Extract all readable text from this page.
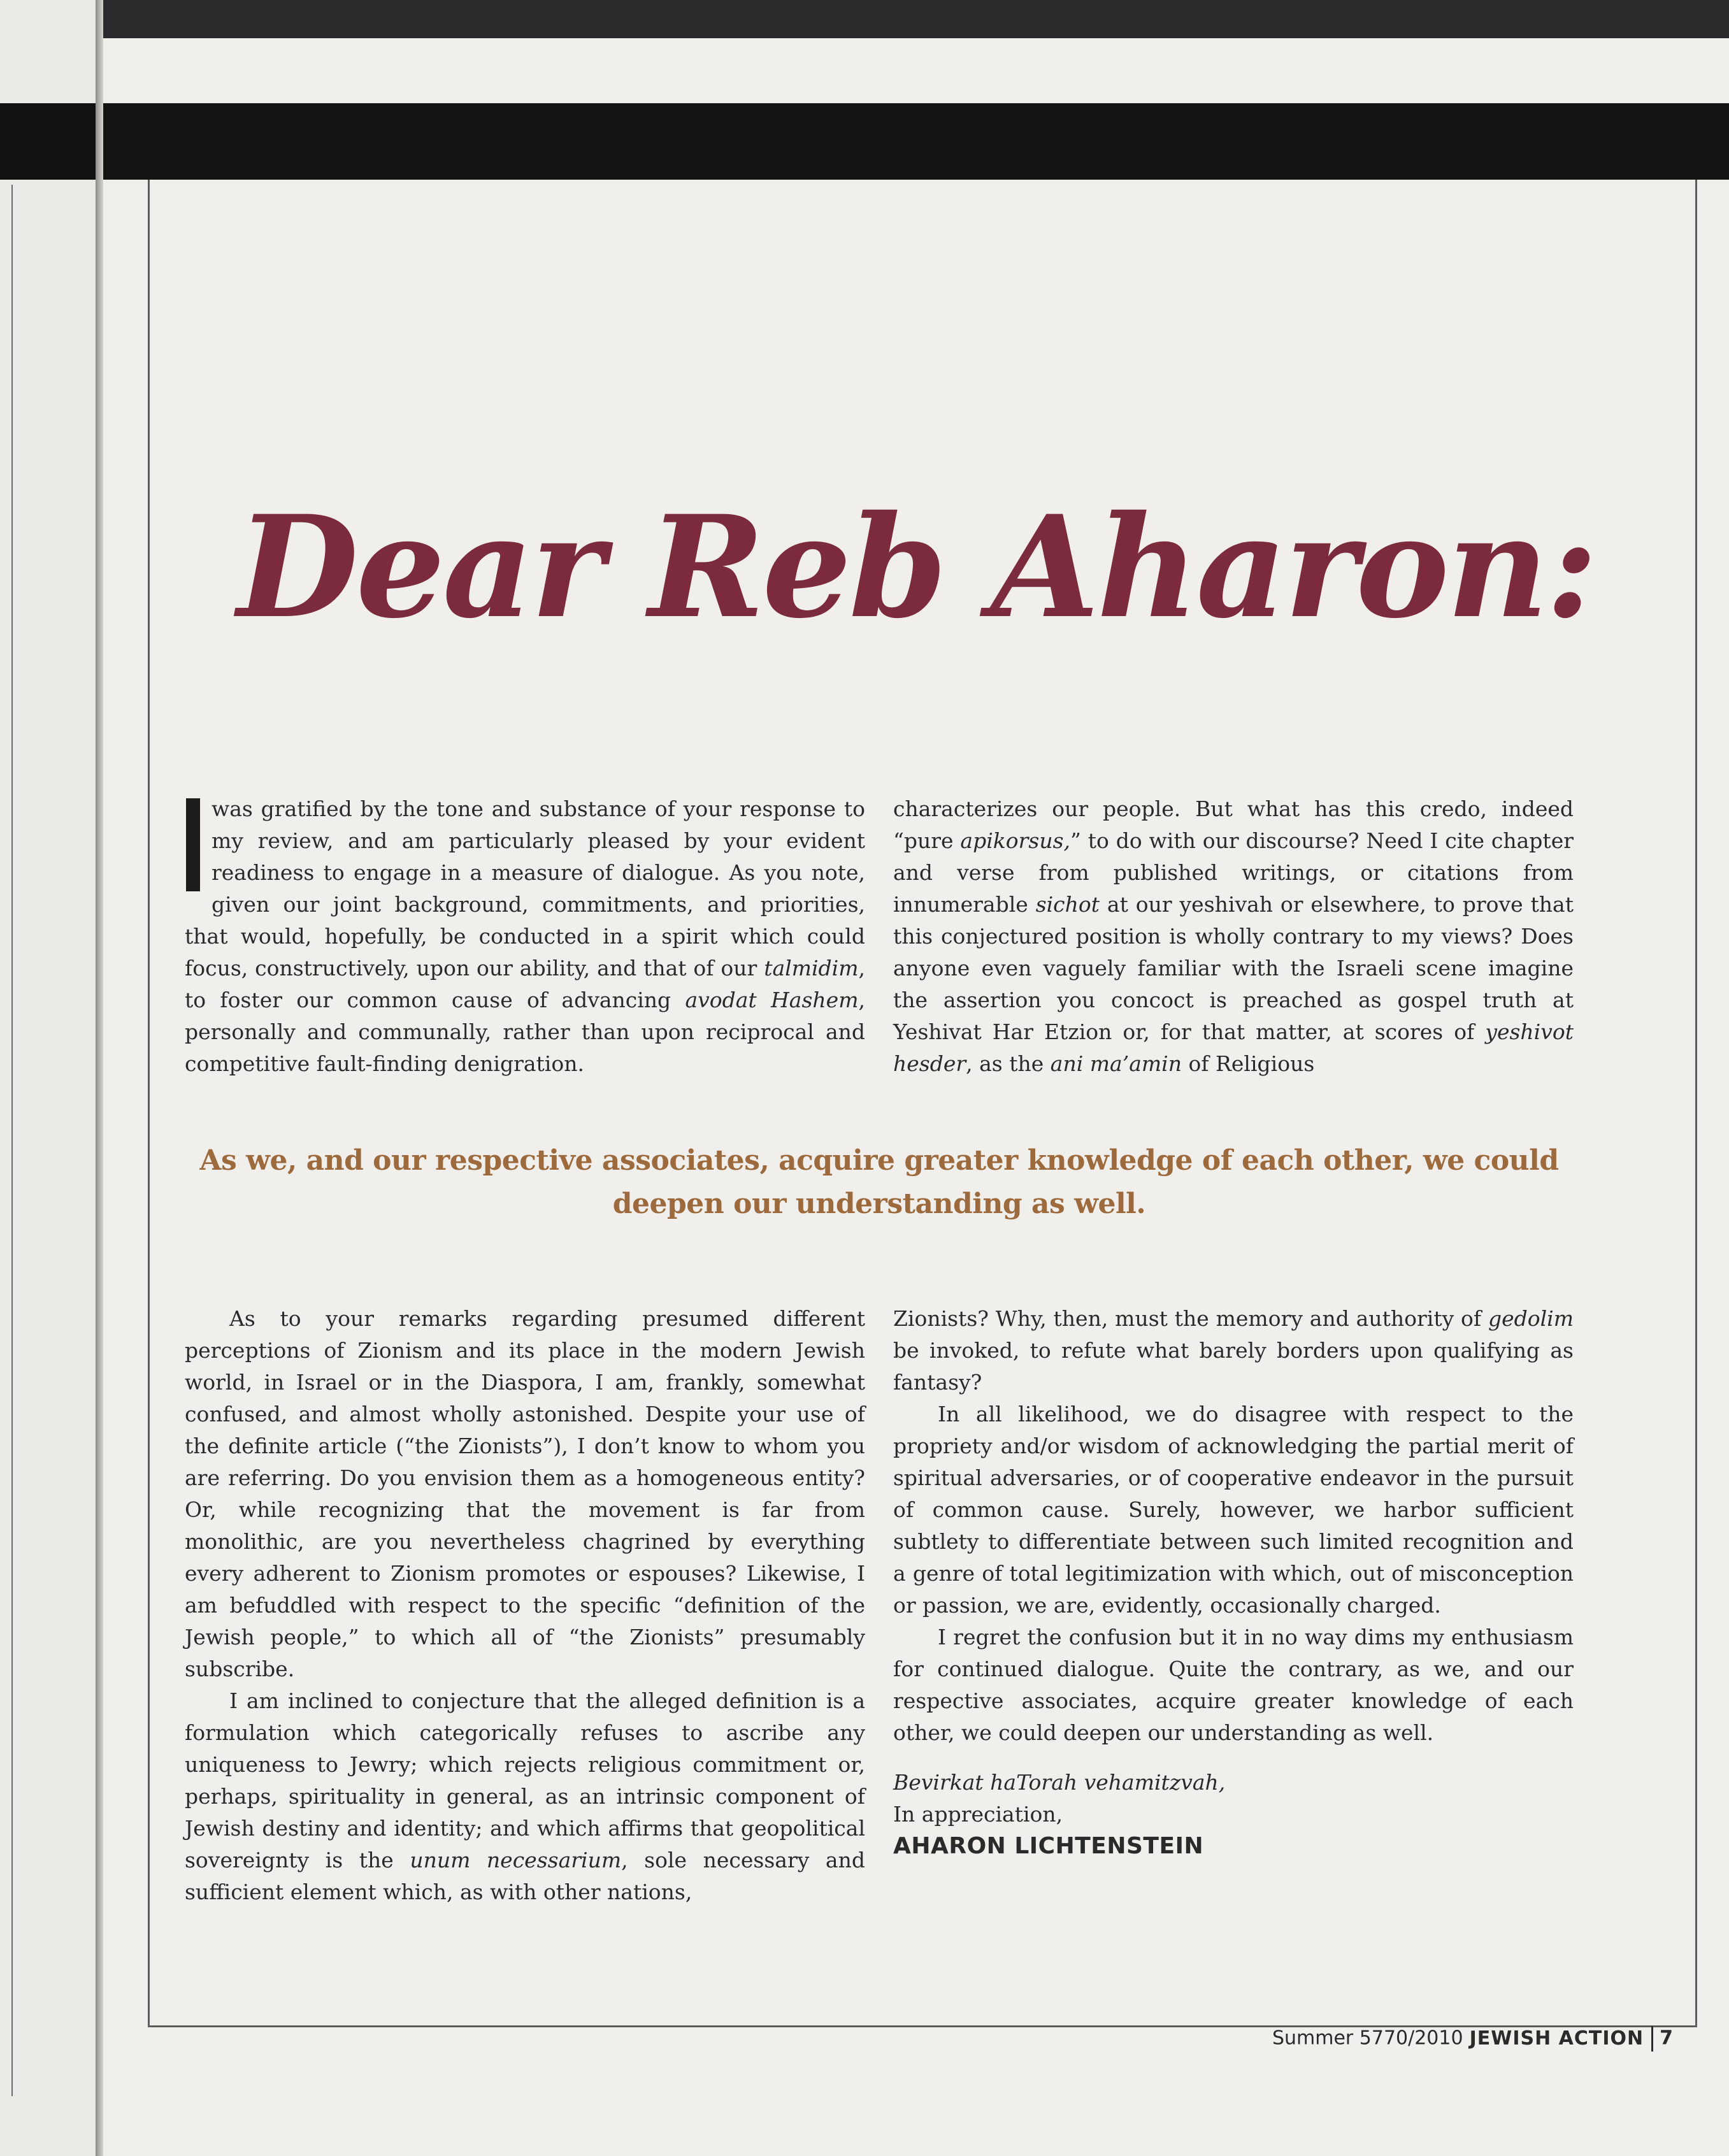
Dear Reb Aharon:

was gratified by the tone and substance of your response to my review, and am particularly pleased by your evident readiness to engage in a measure of dialogue. As you note, given our joint background, commitments, and priorities, that would, hopefully, be conducted in a spirit which could focus, constructively, upon our ability, and that of our talmidim, to foster our common cause of advancing avodat Hashem, personally and communally, rather than upon reciprocal and competitive fault-finding denigration.

characterizes our people. But what has this credo, indeed “pure apikorsus,” to do with our discourse? Need I cite chapter and verse from published writings, or citations from innumerable sichot at our yeshivah or elsewhere, to prove that this conjectured position is wholly contrary to my views? Does anyone even vaguely familiar with the Israeli scene imagine the assertion you concoct is preached as gospel truth at Yeshivat Har Etzion or, for that matter, at scores of yeshivot hesder, as the ani ma’amin of Religious

As we, and our respective associates, acquire greater knowledge of each other, we could deepen our understanding as well.

As to your remarks regarding presumed different perceptions of Zionism and its place in the modern Jewish world, in Israel or in the Diaspora, I am, frankly, somewhat confused, and almost wholly astonished. Despite your use of the definite article (“the Zionists”), I don’t know to whom you are referring. Do you envision them as a homogeneous entity? Or, while recognizing that the movement is far from monolithic, are you nevertheless chagrined by everything every adherent to Zionism promotes or espouses? Likewise, I am befuddled with respect to the specific “definition of the Jewish people,” to which all of “the Zionists” presumably subscribe.

I am inclined to conjecture that the alleged definition is a formulation which categorically refuses to ascribe any uniqueness to Jewry; which rejects religious commitment or, perhaps, spirituality in general, as an intrinsic component of Jewish destiny and identity; and which affirms that geopolitical sovereignty is the unum necessarium, sole necessary and sufficient element which, as with other nations,

Zionists? Why, then, must the memory and authority of gedolim be invoked, to refute what barely borders upon qualifying as fantasy?

In all likelihood, we do disagree with respect to the propriety and/or wisdom of acknowledging the partial merit of spiritual adversaries, or of cooperative endeavor in the pursuit of common cause. Surely, however, we harbor sufficient subtlety to differentiate between such limited recognition and a genre of total legitimization with which, out of misconception or passion, we are, evidently, occasionally charged.

I regret the confusion but it in no way dims my enthusiasm for continued dialogue. Quite the contrary, as we, and our respective associates, acquire greater knowledge of each other, we could deepen our understanding as well.

Bevirkat haTorah vehamitzvah,

In appreciation,

AHARON LICHTENSTEIN

Summer 5770/2010 JEWISH ACTION 7
